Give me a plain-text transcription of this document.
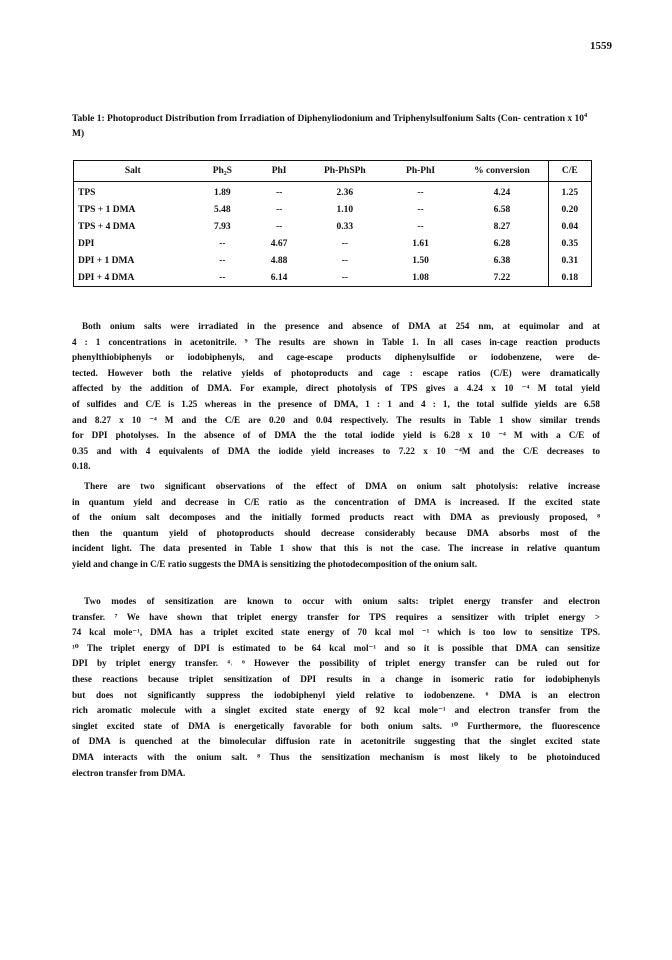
1559

Table 1: Photoproduct Distribution from Irradiation of Diphenyliodonium and Triphenylsulfonium Salts (Con- centration x $10^4$ M)

Salt	Ph₂S	PhI	Ph-PhSPh	Ph-PhI	% conversion	C/E
TPS	1.89	--	2.36	--	4.24	1.25
TPS + 1 DMA	5.48	--	1.10	--	6.58	0.20
TPS + 4 DMA	7.93	--	0.33	--	8.27	0.04
DPI	--	4.67	--	1.61	6.28	0.35
DPI + 1 DMA	--	4.88	--	1.50	6.38	0.31
DPI + 4 DMA	--	6.14	--	1.08	7.22	0.18

Both onium salts were irradiated in the presence and absence of DMA at 254 nm, at equimolar and at
4 : 1 concentrations in acetonitrile. ⁹ The results are shown in Table 1. In all cases in-cage reaction products
phenylthiobiphenyls or iodobiphenyls, and cage-escape products diphenylsulfide or iodobenzene, were de-
tected. However both the relative yields of photoproducts and cage : escape ratios (C/E) were dramatically
affected by the addition of DMA. For example, direct photolysis of TPS gives a 4.24 x 10 ⁻⁴ M total yield
of sulfides and C/E is 1.25 whereas in the presence of DMA, 1 : 1 and 4 : 1, the total sulfide yields are 6.58
and 8.27 x 10 ⁻⁴ M and the C/E are 0.20 and 0.04 respectively. The results in Table 1 show similar trends
for DPI photolyses. In the absence of of DMA the the total iodide yield is 6.28 x 10 ⁻⁴ M with a C/E of
0.35 and with 4 equivalents of DMA the iodide yield increases to 7.22 x 10 ⁻⁴M and the C/E decreases to
0.18.

There are two significant observations of the effect of DMA on onium salt photolysis: relative increase
in quantum yield and decrease in C/E ratio as the concentration of DMA is increased. If the excited state
of the onium salt decomposes and the initially formed products react with DMA as previously proposed, ⁸
then the quantum yield of photoproducts should decrease considerably because DMA absorbs most of the
incident light. The data presented in Table 1 show that this is not the case. The increase in relative quantum
yield and change in C/E ratio suggests the DMA is sensitizing the photodecomposition of the onium salt.

Two modes of sensitization are known to occur with onium salts: triplet energy transfer and electron
transfer. ⁷ We have shown that triplet energy transfer for TPS requires a sensitizer with triplet energy >
74 kcal mole⁻¹, DMA has a triplet excited state energy of 70 kcal mol ⁻¹ which is too low to sensitize TPS.
¹⁰ The triplet energy of DPI is estimated to be 64 kcal mol⁻¹ and so it is possible that DMA can sensitize
DPI by triplet energy transfer. ⁴˒ ⁶ However the possibility of triplet energy transfer can be ruled out for
these reactions because triplet sensitization of DPI results in a change in isomeric ratio for iodobiphenyls
but does not significantly suppress the iodobiphenyl yield relative to iodobenzene. ⁶ DMA is an electron
rich aromatic molecule with a singlet excited state energy of 92 kcal mole⁻¹ and electron transfer from the
singlet excited state of DMA is energetically favorable for both onium salts. ¹⁰ Furthermore, the fluorescence
of DMA is quenched at the bimolecular diffusion rate in acetonitrile suggesting that the singlet excited state
DMA interacts with the onium salt. ⁸ Thus the sensitization mechanism is most likely to be photoinduced
electron transfer from DMA.
